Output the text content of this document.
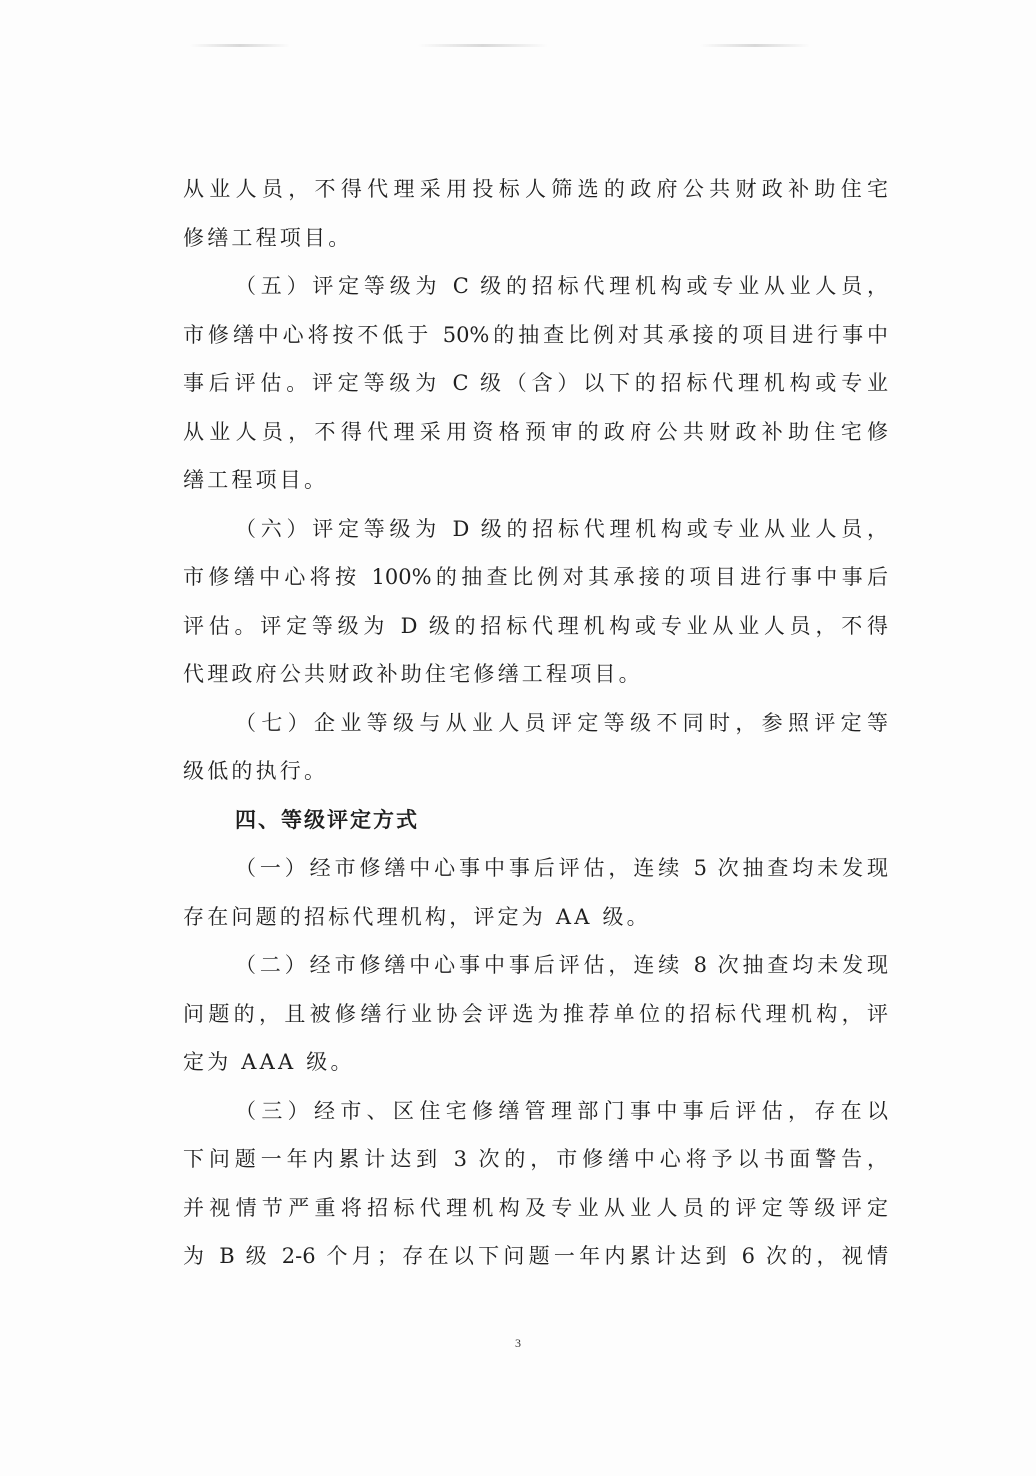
从业人员，不得代理采用投标人筛选的政府公共财政补助住宅
修缮工程项目。
（五）评定等级为 C 级的招标代理机构或专业从业人员，
市修缮中心将按不低于 50%的抽查比例对其承接的项目进行事中
事后评估。评定等级为 C 级（含）以下的招标代理机构或专业
从业人员，不得代理采用资格预审的政府公共财政补助住宅修
缮工程项目。
（六）评定等级为 D 级的招标代理机构或专业从业人员，
市修缮中心将按 100%的抽查比例对其承接的项目进行事中事后
评估。评定等级为 D 级的招标代理机构或专业从业人员，不得
代理政府公共财政补助住宅修缮工程项目。
（七）企业等级与从业人员评定等级不同时，参照评定等
级低的执行。
四、等级评定方式
（一）经市修缮中心事中事后评估，连续 5 次抽查均未发现
存在问题的招标代理机构，评定为 AA 级。
（二）经市修缮中心事中事后评估，连续 8 次抽查均未发现
问题的，且被修缮行业协会评选为推荐单位的招标代理机构，评
定为 AAA 级。
（三）经市、区住宅修缮管理部门事中事后评估，存在以
下问题一年内累计达到 3 次的，市修缮中心将予以书面警告，
并视情节严重将招标代理机构及专业从业人员的评定等级评定
为 B 级 2-6 个月；存在以下问题一年内累计达到 6 次的，视情
3
